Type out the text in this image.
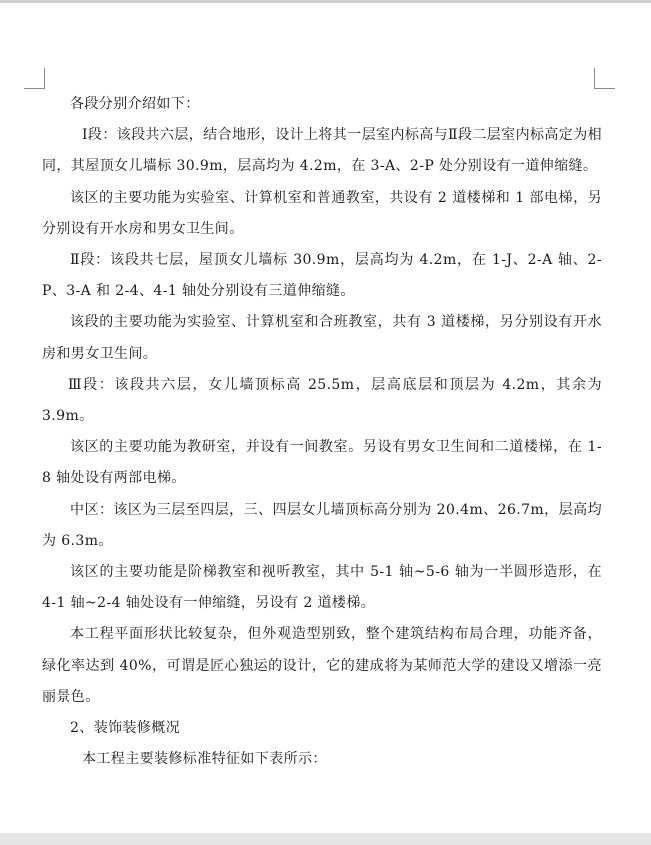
各段分别介绍如下：

Ⅰ段：该段共六层，结合地形，设计上将其一层室内标高与Ⅱ段二层室内标高定为相同，其屋顶女儿墙标 30.9m，层高均为 4.2m，在 3-A、2-P 处分别设有一道伸缩缝。

该区的主要功能为实验室、计算机室和普通教室，共设有 2 道楼梯和 1 部电梯，另分别设有开水房和男女卫生间。

Ⅱ段：该段共七层，屋顶女儿墙标 30.9m，层高均为 4.2m，在 1-J、2-A 轴、2-P、3-A 和 2-4、4-1 轴处分别设有三道伸缩缝。

该段的主要功能为实验室、计算机室和合班教室，共有 3 道楼梯，另分别设有开水房和男女卫生间。

Ⅲ段：该段共六层，女儿墙顶标高 25.5m，层高底层和顶层为 4.2m，其余为 3.9m。

该区的主要功能为教研室，并设有一间教室。另设有男女卫生间和二道楼梯，在 1-8 轴处设有两部电梯。

中区：该区为三层至四层，三、四层女儿墙顶标高分别为 20.4m、26.7m，层高均为 6.3m。

该区的主要功能是阶梯教室和视听教室，其中 5-1 轴~5-6 轴为一半圆形造形，在 4-1 轴~2-4 轴处设有一伸缩缝，另设有 2 道楼梯。

本工程平面形状比较复杂，但外观造型别致，整个建筑结构布局合理，功能齐备，绿化率达到 40%，可谓是匠心独运的设计，它的建成将为某师范大学的建设又增添一亮丽景色。

2、装饰装修概况

本工程主要装修标准特征如下表所示：
